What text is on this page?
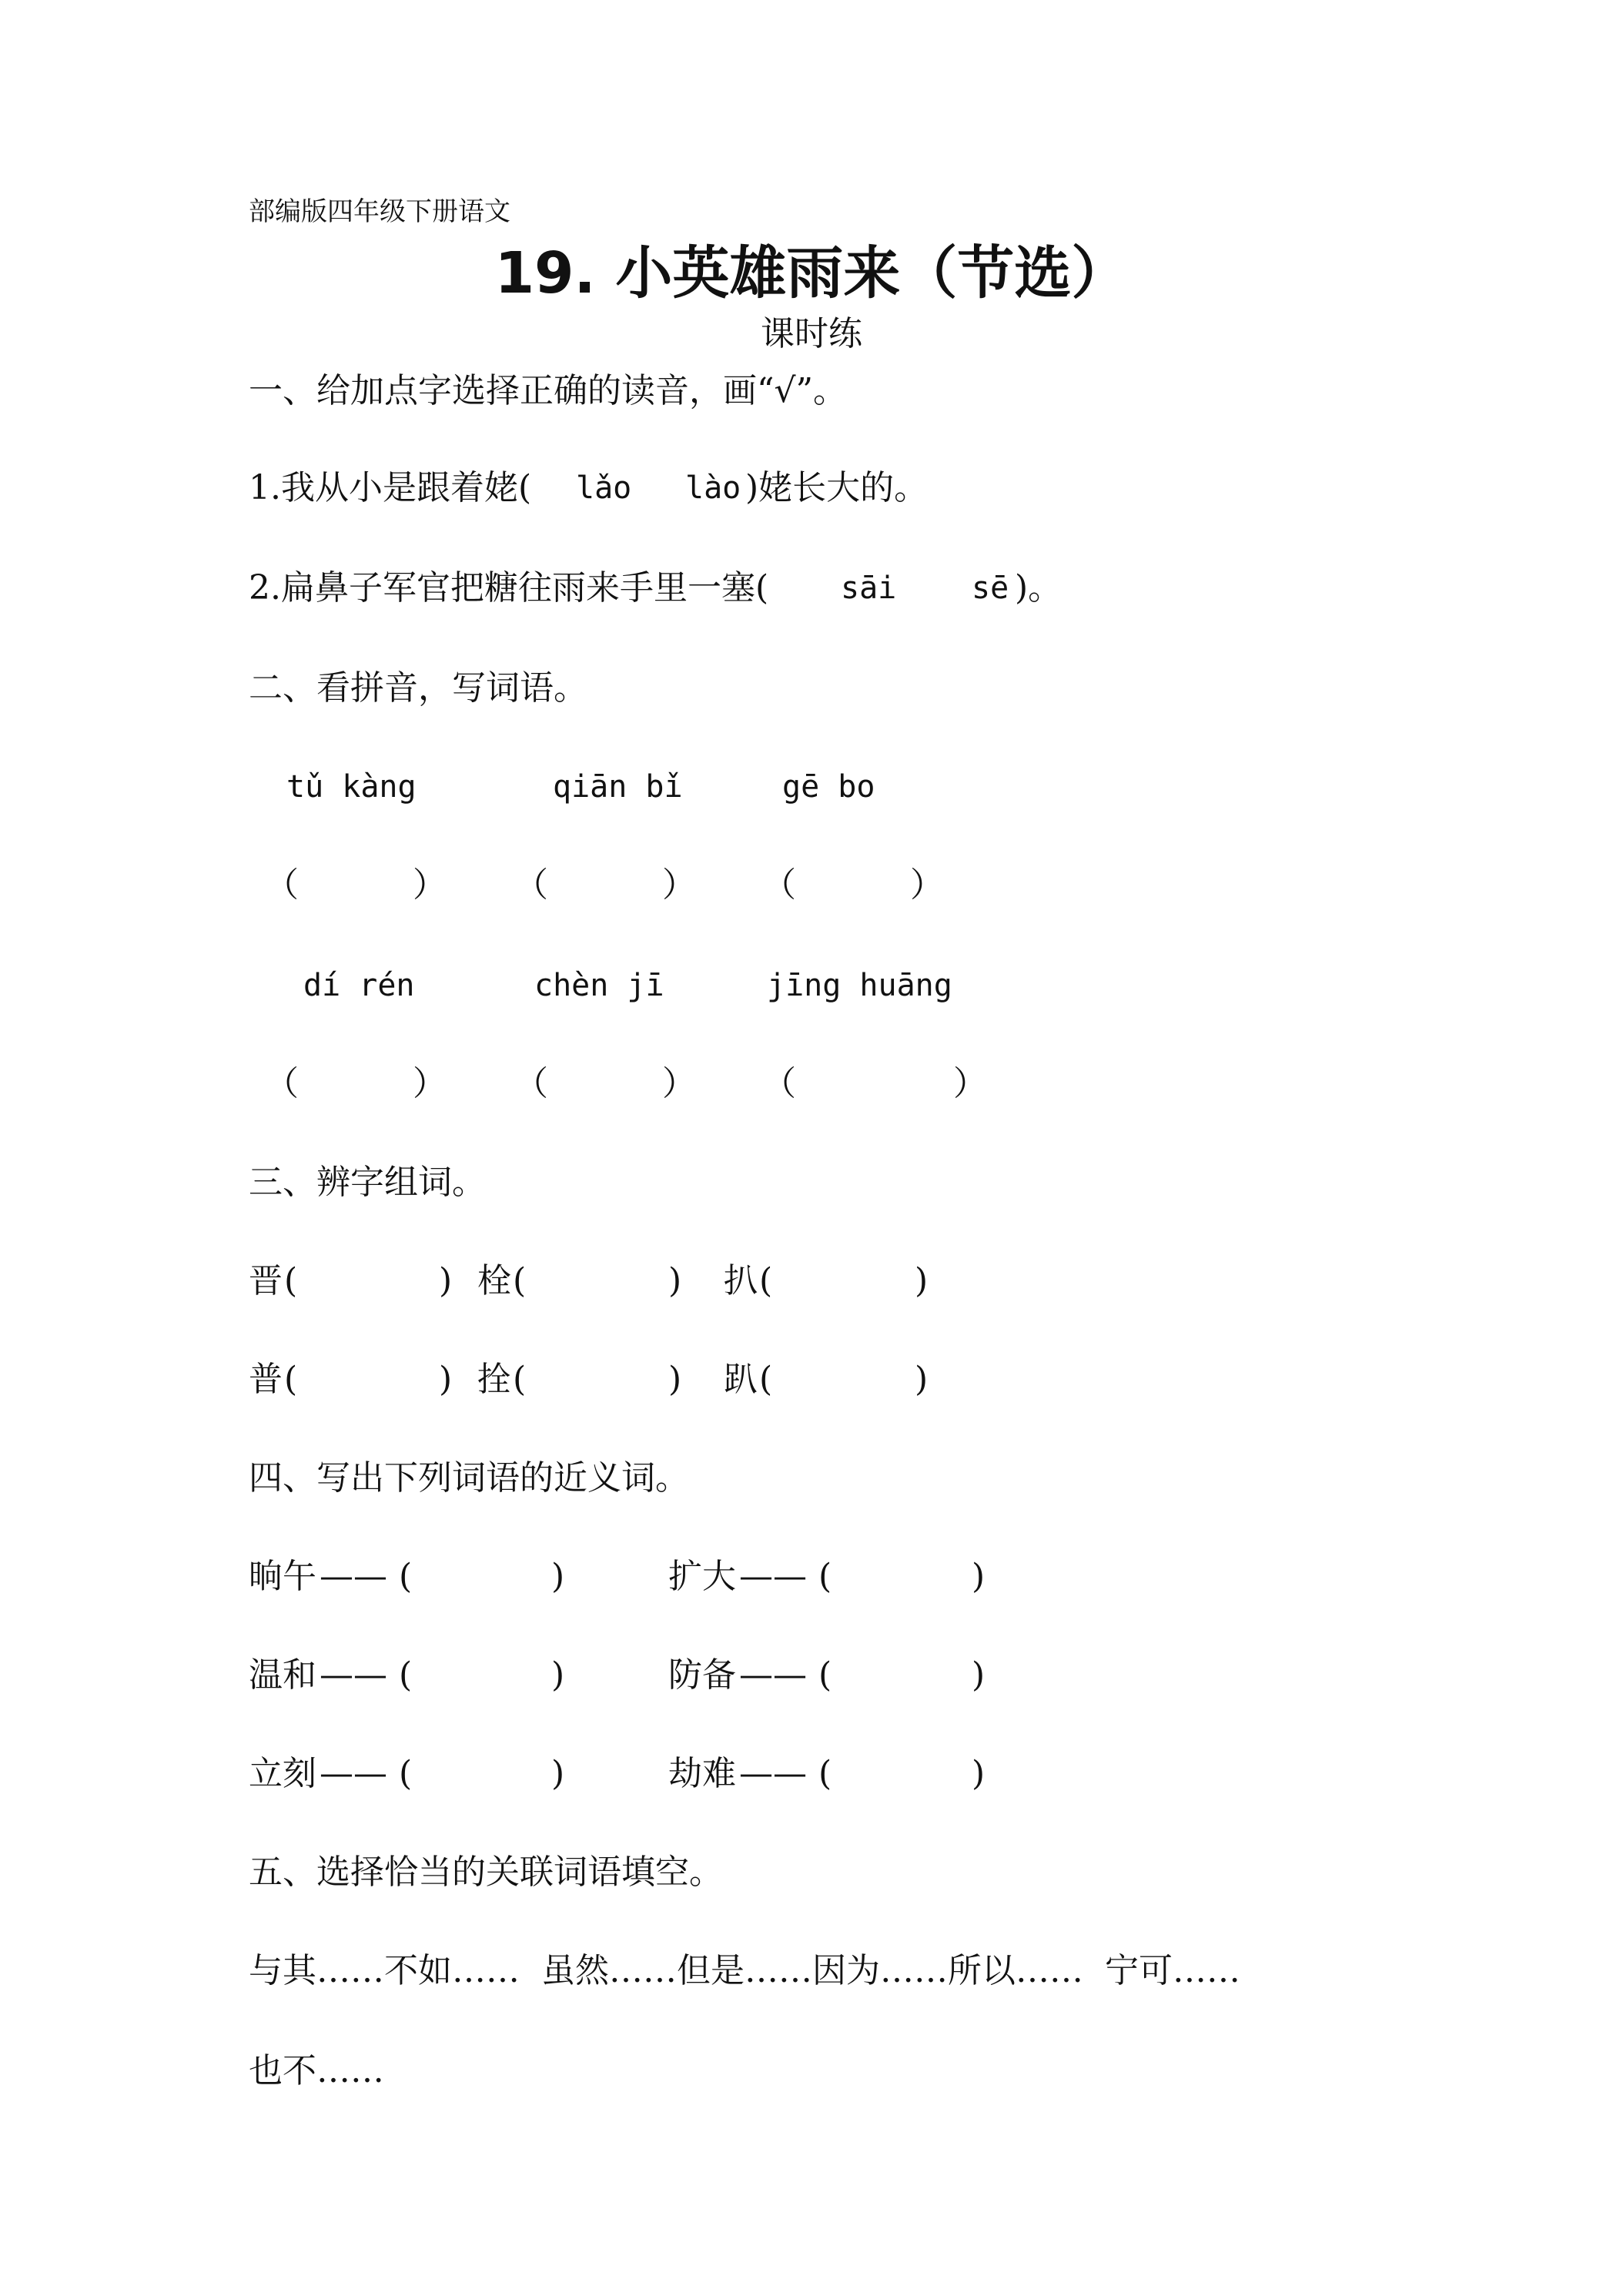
部编版四年级下册语文
19. 小英雄雨来（节选）
课时练
一、给加点字选择正确的读音，画“√”。
1.我从小是跟着姥( lǎo lào )姥长大的。
2.扁鼻子军官把糖往雨来手里一塞( sāi sē )。
二、看拼音，写词语。
tǔ kàng	qiān bǐ	gē bo
（	） （	） （	）
dí rén	chèn jī	jīng huāng
（	） （	） （	）
三、辨字组词。
晋 (	) 栓 (	) 扒 (	)
普 (	) 拴 (	) 趴 (	)
四、写出下列词语的近义词。
晌午 —— (	)	扩大 —— (	)
温和 —— (	)	防备 —— (	)
立刻 —— (	)	劫难 —— (	)
五、选择恰当的关联词语填空。
与其……不如……  虽然……但是……因为……所以……  宁可……
也不……
